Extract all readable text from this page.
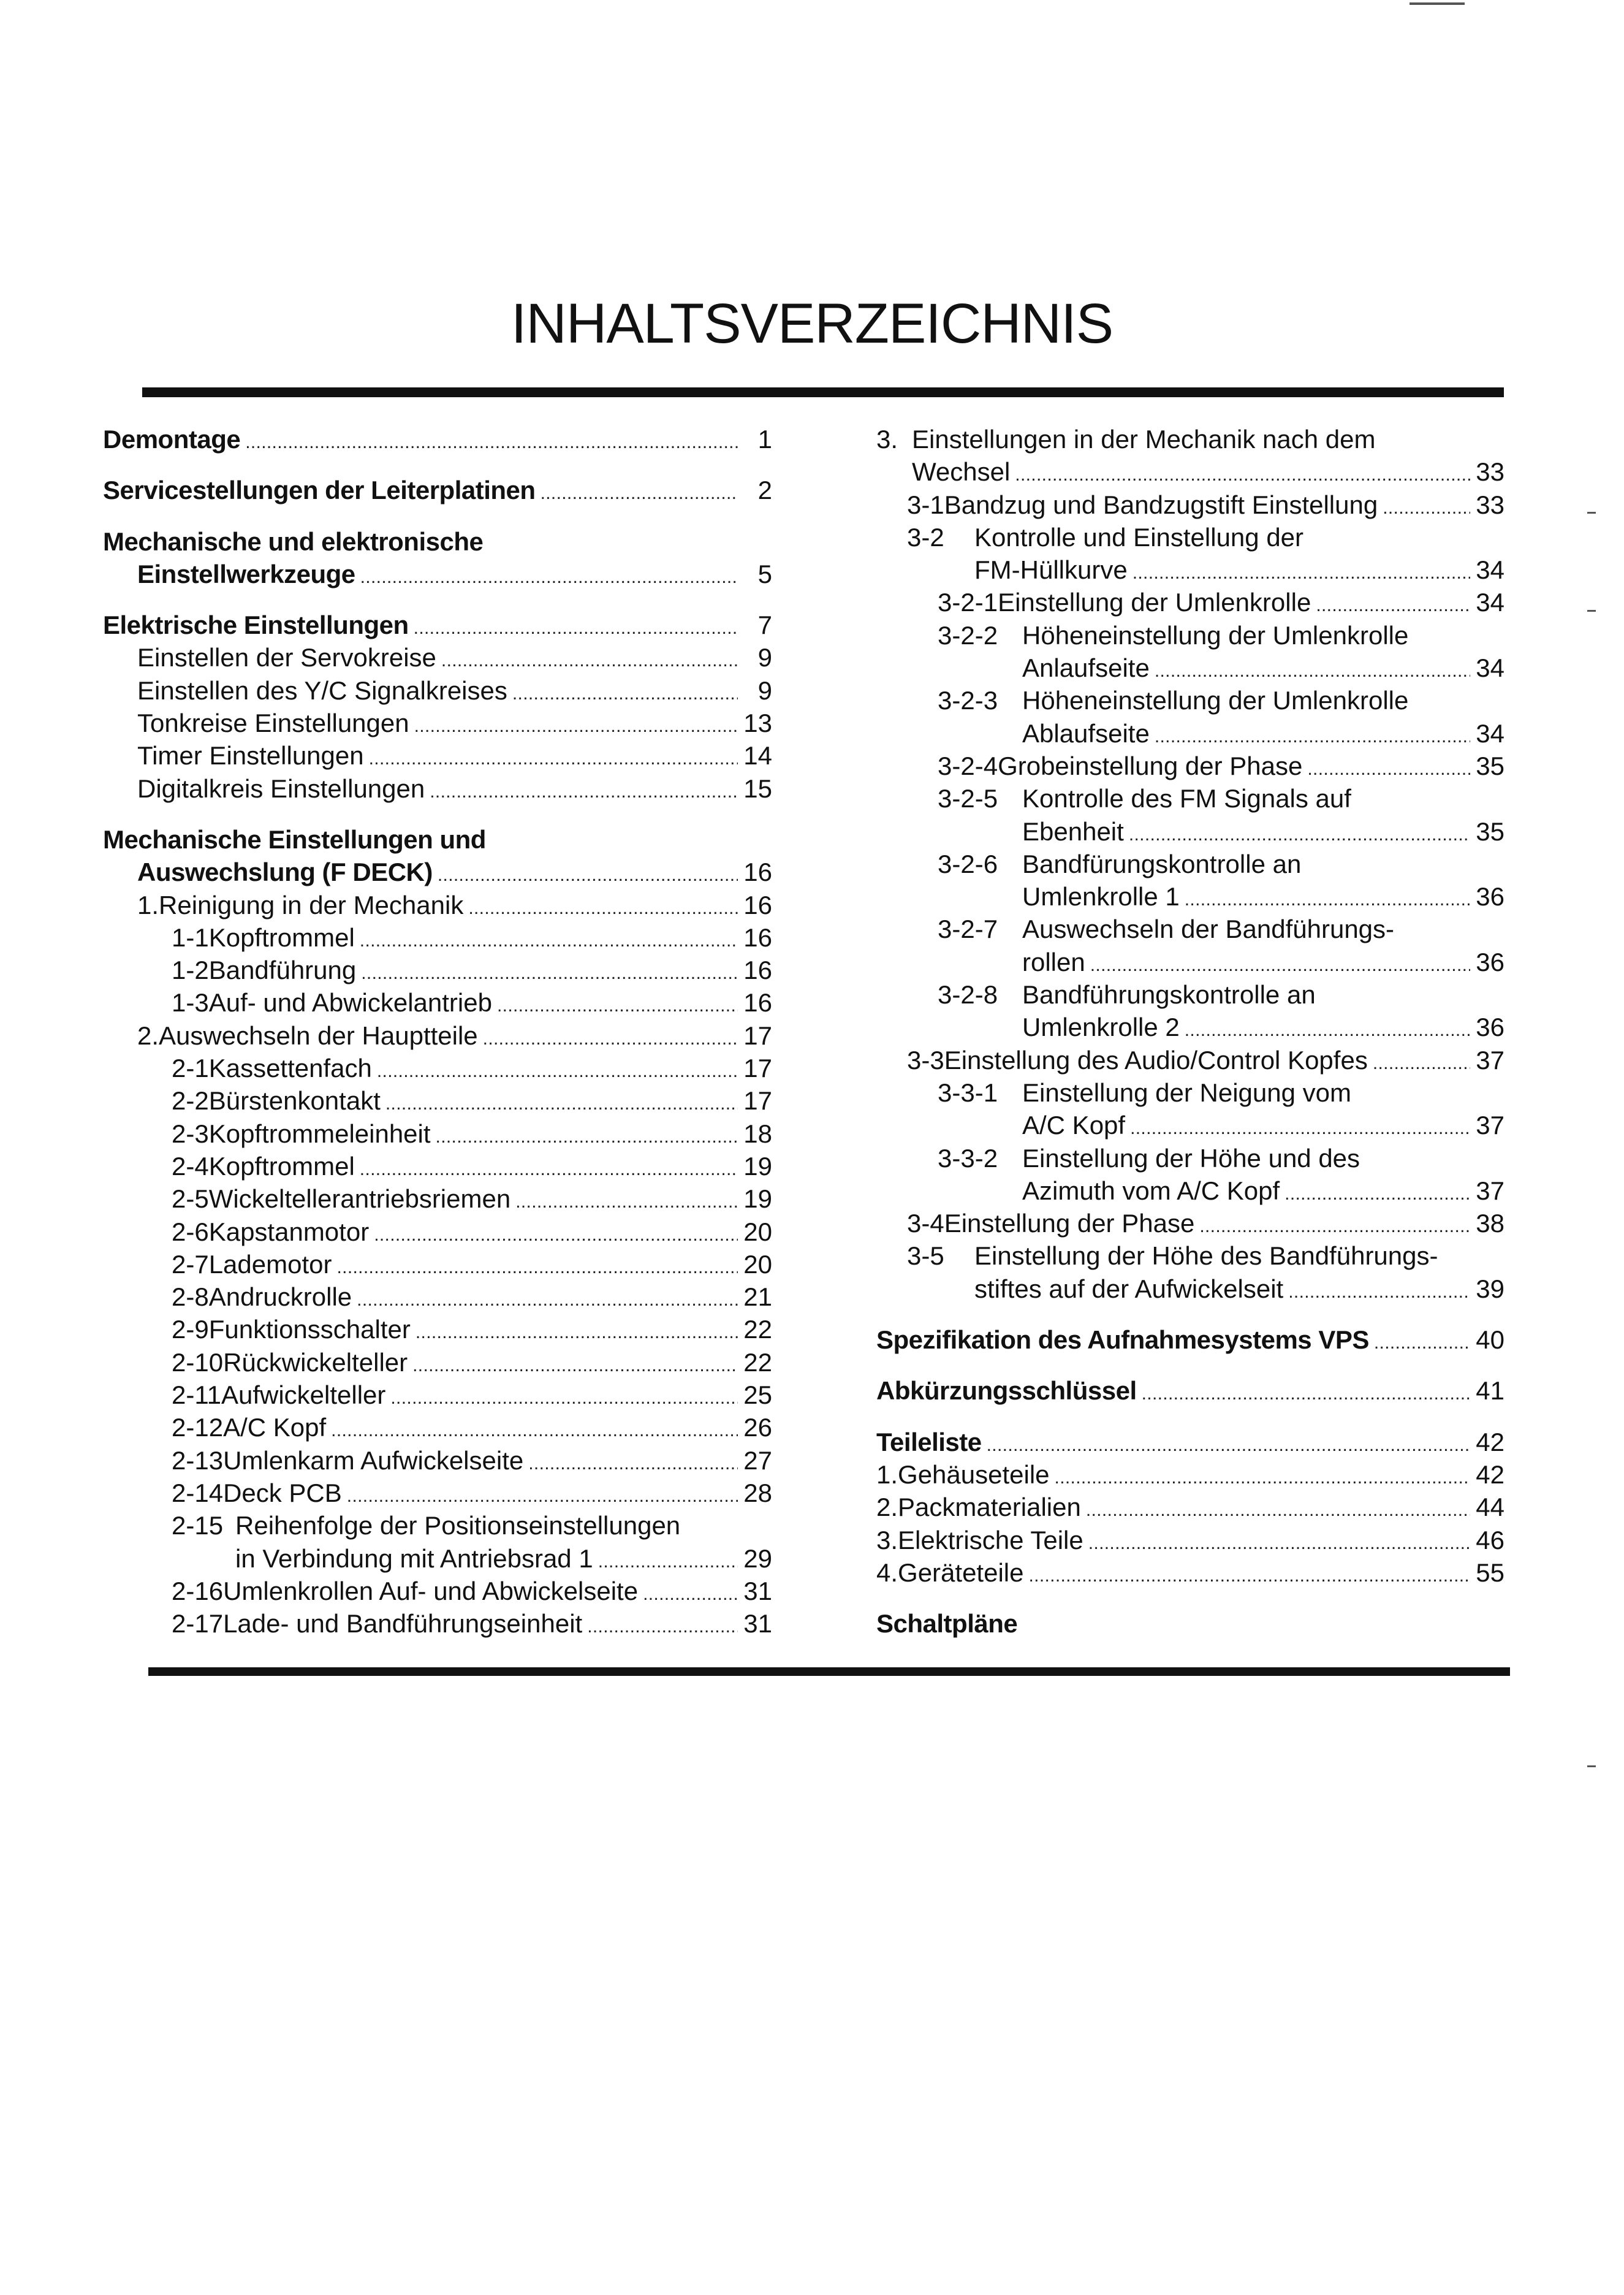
INHALTSVERZEICHNIS
Demontage . . .	1
Servicestellungen der Leiterplatinen . . .	2
Mechanische und elektronische
Einstellwerkzeuge . . .	5
Elektrische Einstellungen . . .	7
Einstellen der Servokreise . . .	9
Einstellen des Y/C Signalkreises . . .	9
Tonkreise Einstellungen . . .	13
Timer Einstellungen . . .	14
Digitalkreis Einstellungen . . .	15
Mechanische Einstellungen und
Auswechslung (F DECK) . . .	16
1. Reinigung in der Mechanik . . .	16
1-1 Kopftrommel . . .	16
1-2 Bandführung . . .	16
1-3 Auf- und Abwickelantrieb . . .	16
2. Auswechseln der Hauptteile . . .	17
2-1 Kassettenfach . . .	17
2-2 Bürstenkontakt . . .	17
2-3 Kopftrommeleinheit . . .	18
2-4 Kopftrommel . . .	19
2-5 Wickeltellerantriebsriemen . . .	19
2-6 Kapstanmotor . . .	20
2-7 Lademotor . . .	20
2-8 Andruckrolle . . .	21
2-9 Funktionsschalter . . .	22
2-10 Rückwickelteller . . .	22
2-11 Aufwickelteller . . .	25
2-12 A/C Kopf . . .	26
2-13 Umlenkarm Aufwickelseite . . .	27
2-14 Deck PCB . . .	28
2-15 Reihenfolge der Positionseinstellungen
in Verbindung mit Antriebsrad 1 . . .	29
2-16 Umlenkrollen Auf- und Abwickelseite . . .	31
2-17 Lade- und Bandführungseinheit . . .	31
3. Einstellungen in der Mechanik nach dem
Wechsel . . .	33
3-1 Bandzug und Bandzugstift Einstellung . . .	33
3-2	Kontrolle und Einstellung der
FM-Hüllkurve . . .	34
3-2-1 Einstellung der Umlenkrolle . . .	34
3-2-2 Höheneinstellung der Umlenkrolle
Anlaufseite . . .	34
3-2-3 Höheneinstellung der Umlenkrolle
Ablaufseite . . .	34
3-2-4 Grobeinstellung der Phase . . .	35
3-2-5 Kontrolle des FM Signals auf
Ebenheit . . .	35
3-2-6 Bandfürungskontrolle an
Umlenkrolle 1 . . .	36
3-2-7 Auswechseln der Bandführungs-
rollen . . .	36
3-2-8 Bandführungskontrolle an
Umlenkrolle 2 . . .	36
3-3 Einstellung des Audio/Control Kopfes . . .	37
3-3-1 Einstellung der Neigung vom
A/C Kopf . . .	37
3-3-2 Einstellung der Höhe und des
Azimuth vom A/C Kopf . . .	37
3-4 Einstellung der Phase . . .	38
3-5	Einstellung der Höhe des Bandführungs-
stiftes auf der Aufwickelseit . . .	39
Spezifikation des Aufnahmesystems VPS . . .	40
Abkürzungsschlüssel . . .	41
Teileliste . . .	42
1. Gehäuseteile . . .	42
2. Packmaterialien . . .	44
3. Elektrische Teile . . .	46
4. Geräteteile . . .	55
Schaltpläne
